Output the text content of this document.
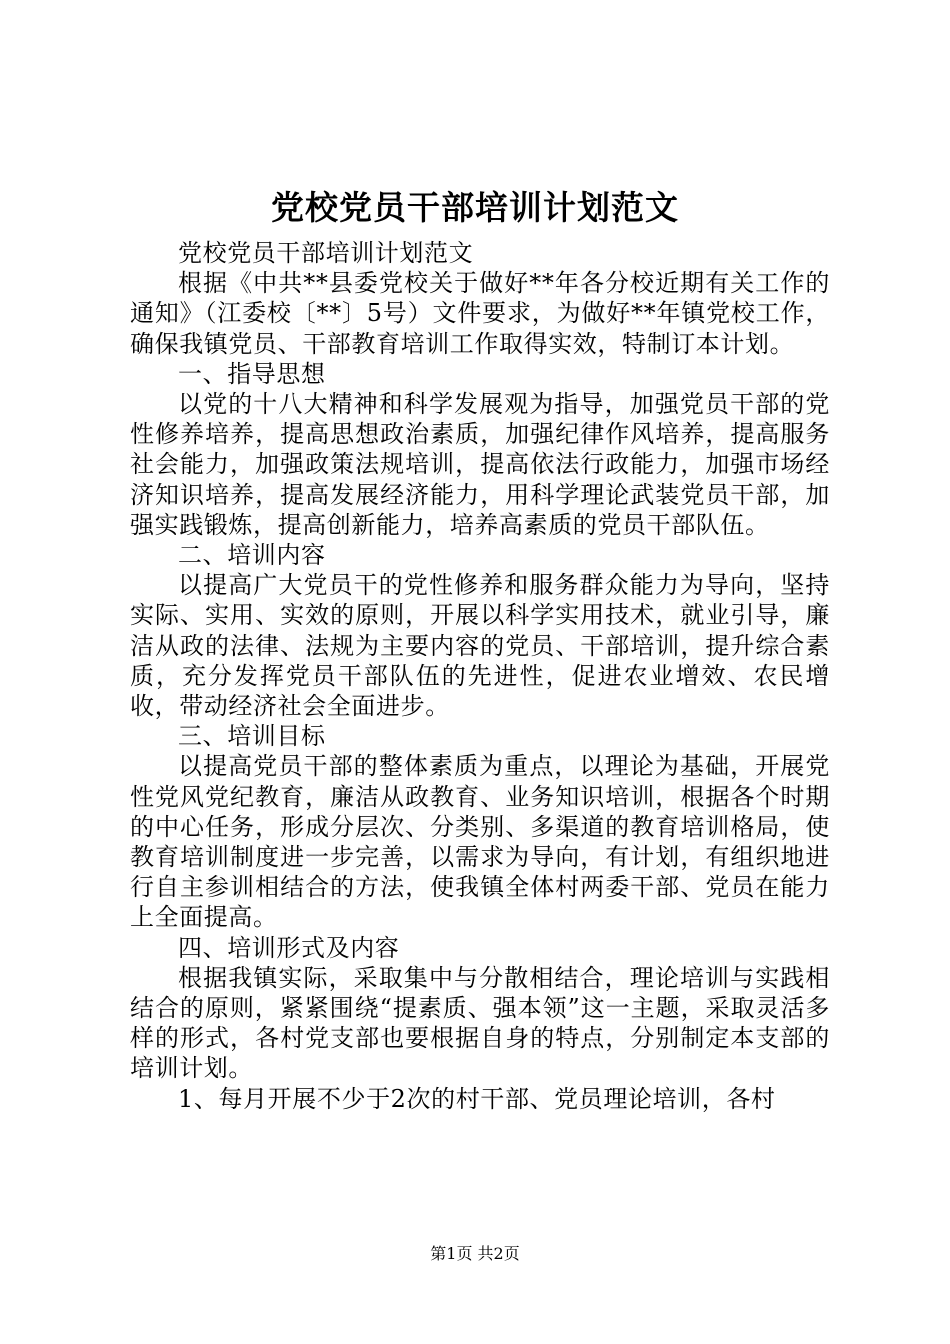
党校党员干部培训计划范文

党校党员干部培训计划范文

根据《中共**县委党校关于做好**年各分校近期有关工作的通知》（江委校〔**〕5号）文件要求，为做好**年镇党校工作，确保我镇党员、干部教育培训工作取得实效，特制订本计划。

一、指导思想

以党的十八大精神和科学发展观为指导，加强党员干部的党性修养培养，提高思想政治素质，加强纪律作风培养，提高服务社会能力，加强政策法规培训，提高依法行政能力，加强市场经济知识培养，提高发展经济能力，用科学理论武装党员干部，加强实践锻炼，提高创新能力，培养高素质的党员干部队伍。

二、培训内容

以提高广大党员干的党性修养和服务群众能力为导向，坚持实际、实用、实效的原则，开展以科学实用技术，就业引导，廉洁从政的法律、法规为主要内容的党员、干部培训，提升综合素质，充分发挥党员干部队伍的先进性，促进农业增效、农民增收，带动经济社会全面进步。

三、培训目标

以提高党员干部的整体素质为重点，以理论为基础，开展党性党风党纪教育，廉洁从政教育、业务知识培训，根据各个时期的中心任务，形成分层次、分类别、多渠道的教育培训格局，使教育培训制度进一步完善，以需求为导向，有计划，有组织地进行自主参训相结合的方法，使我镇全体村两委干部、党员在能力上全面提高。

四、培训形式及内容

根据我镇实际，采取集中与分散相结合，理论培训与实践相结合的原则，紧紧围绕“提素质、强本领”这一主题，采取灵活多样的形式，各村党支部也要根据自身的特点，分别制定本支部的培训计划。

1、每月开展不少于2次的村干部、党员理论培训，各村

第1页 共2页
